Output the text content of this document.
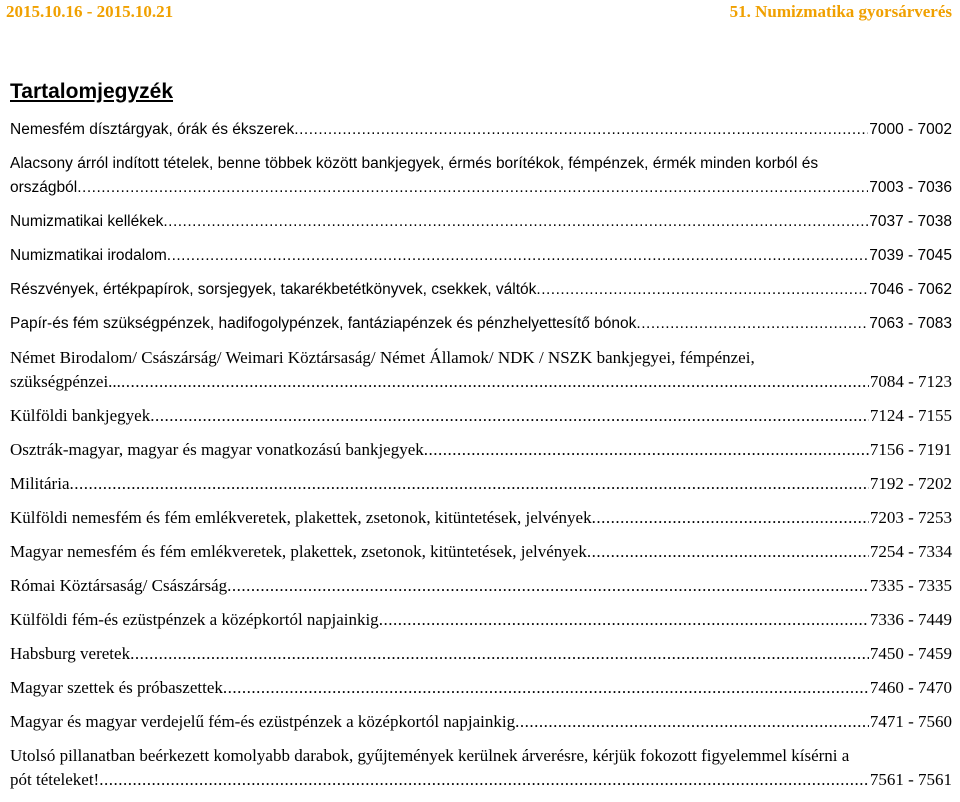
2015.10.16 - 2015.10.21	51. Numizmatika gyorsárverés
Tartalomjegyzék
Nemesfém dísztárgyak, órák és ékszerek .....	7000 - 7002
Alacsony árról indított tételek, benne többek között bankjegyek, érmés borítékok, fémpénzek, érmék minden korból és
országból .....	7003 - 7036
Numizmatikai kellékek .....	7037 - 7038
Numizmatikai irodalom .....	7039 - 7045
Részvények, értékpapírok, sorsjegyek, takarékbetétkönyvek, csekkek, váltók .....	7046 - 7062
Papír-és fém szükségpénzek, hadifogolypénzek, fantáziapénzek és pénzhelyettesítő bónok .....	7063 - 7083
Német Birodalom/ Császárság/ Weimari Köztársaság/ Német Államok/ NDK / NSZK bankjegyei, fémpénzei,
szükségpénzei... .....	7084 - 7123
Külföldi bankjegyek .....	7124 - 7155
Osztrák-magyar, magyar és magyar vonatkozású bankjegyek .....	7156 - 7191
Militária .....	7192 - 7202
Külföldi nemesfém és fém emlékveretek, plakettek, zsetonok, kitüntetések, jelvények .....	7203 - 7253
Magyar nemesfém és fém emlékveretek, plakettek, zsetonok, kitüntetések, jelvények .....	7254 - 7334
Római Köztársaság/ Császárság .....	7335 - 7335
Külföldi fém-és ezüstpénzek a középkortól napjainkig .....	7336 - 7449
Habsburg veretek .....	7450 - 7459
Magyar szettek és próbaszettek .....	7460 - 7470
Magyar és magyar verdejelű fém-és ezüstpénzek a középkortól napjainkig .....	7471 - 7560
Utolsó pillanatban beérkezett komolyabb darabok, gyűjtemények kerülnek árverésre, kérjük fokozott figyelemmel kísérni a
pót tételeket! .....	7561 - 7561
